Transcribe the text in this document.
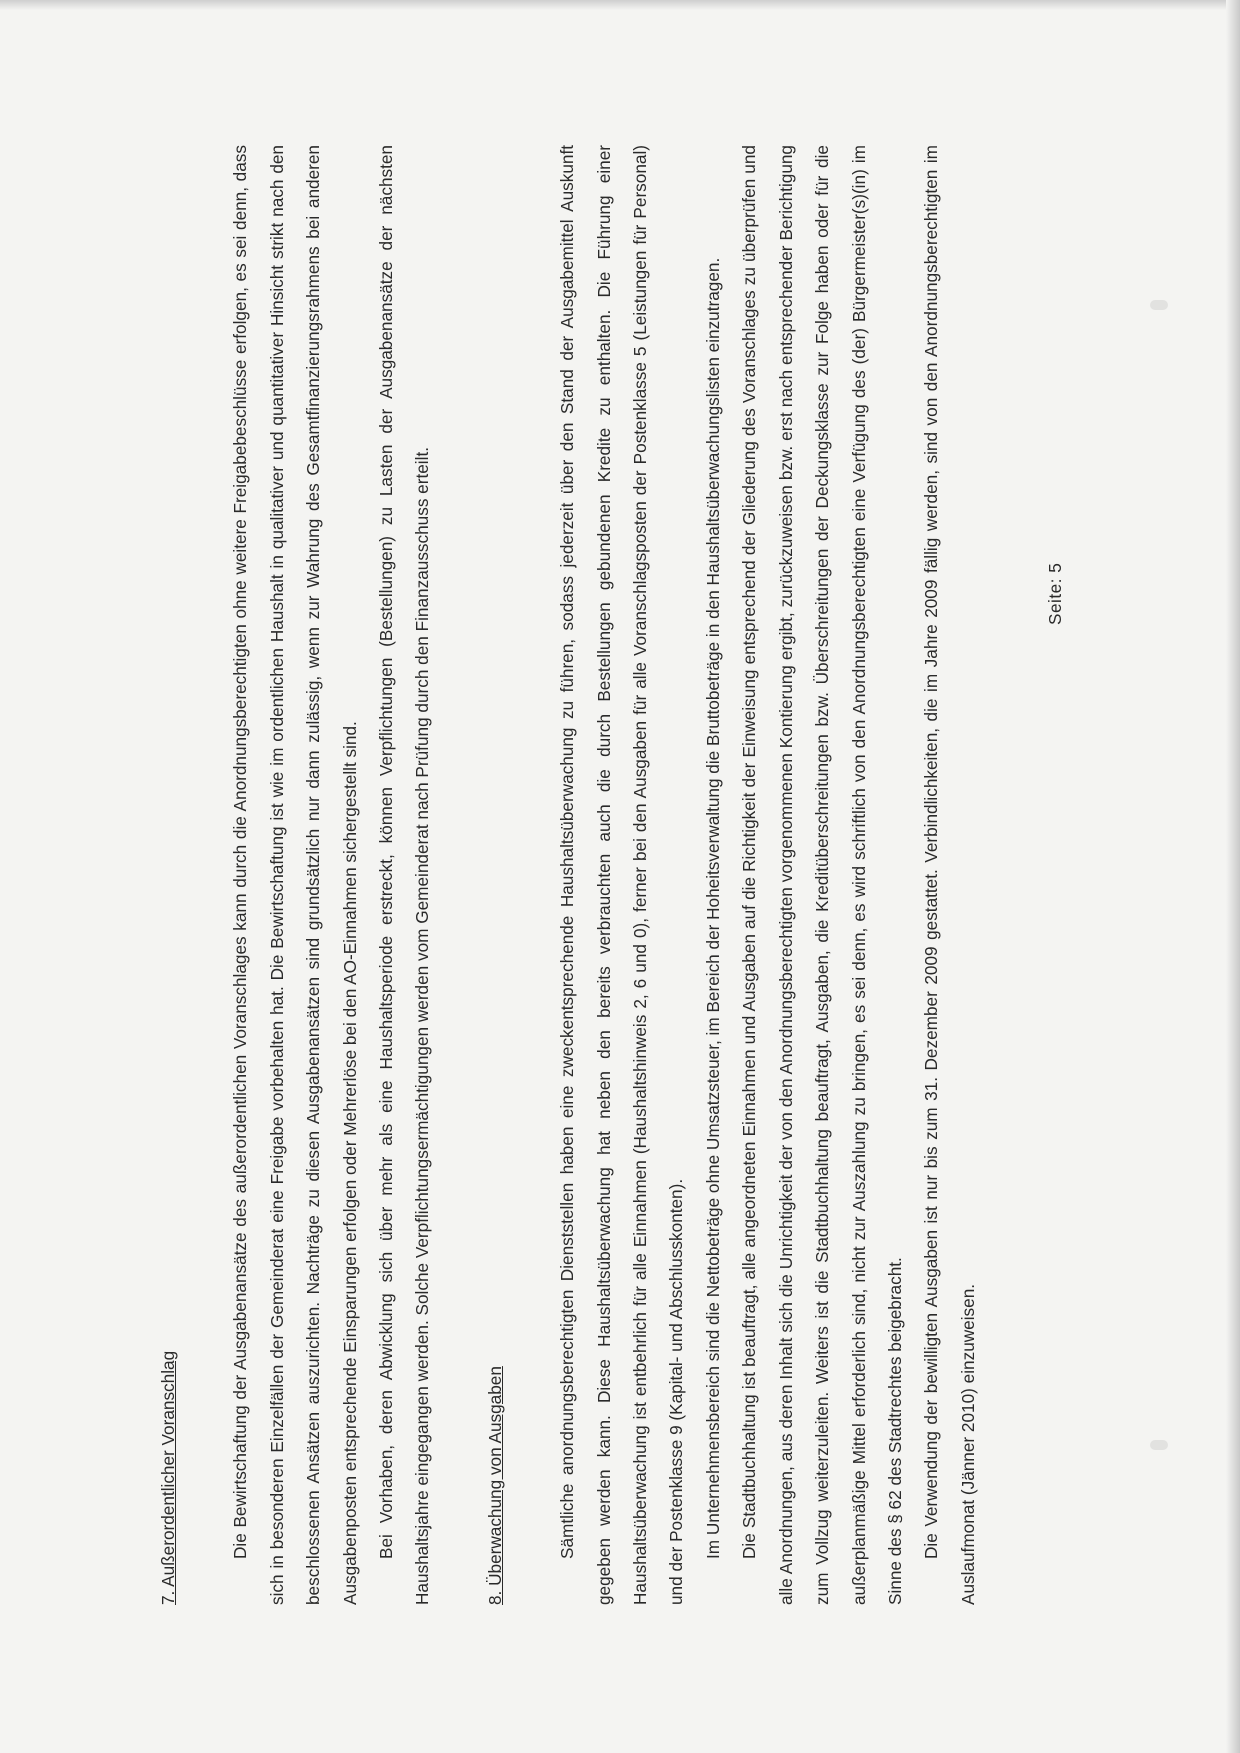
7. Außerordentlicher Voranschlag	Die Bewirtschaftung der Ausgabenansätze des außerordentlichen Voranschlages kann durch die Anordnungsberechtigten ohne weitere Freigabebeschlüsse erfolgen, es sei denn, dass sich in besonderen Einzelfällen der Gemeinderat eine Freigabe vorbehalten hat. Die Bewirtschaftung ist wie im ordentlichen Haushalt in qualitativer und quantitativer Hinsicht strikt nach den beschlossenen Ansätzen auszurichten. Nachträge zu diesen Ausgabenansätzen sind grundsätzlich nur dann zulässig, wenn zur Wahrung des Gesamtfinanzierungsrahmens bei anderen Ausgabenposten entsprechende Einsparungen erfolgen oder Mehrerlöse bei den AO-Einnahmen sichergestellt sind. Bei Vorhaben, deren Abwicklung sich über mehr als eine Haushaltsperiode erstreckt, können Verpflichtungen (Bestellungen) zu Lasten der Ausgabenansätze der nächsten Haushaltsjahre eingegangen werden. Solche Verpflichtungsermächtigungen werden vom Gemeinderat nach Prüfung durch den Finanzausschuss erteilt.	8. Überwachung von Ausgaben	Sämtliche anordnungsberechtigten Dienststellen haben eine zweckentsprechende Haushaltsüberwachung zu führen, sodass jederzeit über den Stand der Ausgabemittel Auskunft gegeben werden kann. Diese Haushaltsüberwachung hat neben den bereits verbrauchten auch die durch Bestellungen gebundenen Kredite zu enthalten. Die Führung einer Haushaltsüberwachung ist entbehrlich für alle Einnahmen (Haushaltshinweis 2, 6 und 0), ferner bei den Ausgaben für alle Voranschlagsposten der Postenklasse 5 (Leistungen für Personal) und der Postenklasse 9 (Kapital- und Abschlusskonten). Im Unternehmensbereich sind die Nettobeträge ohne Umsatzsteuer, im Bereich der Hoheitsverwaltung die Bruttobeträge in den Haushaltsüberwachungslisten einzutragen. Die Stadtbuchhaltung ist beauftragt, alle angeordneten Einnahmen und Ausgaben auf die Richtigkeit der Einweisung entsprechend der Gliederung des Voranschlages zu überprüfen und alle Anordnungen, aus deren Inhalt sich die Unrichtigkeit der von den Anordnungsberechtigten vorgenommenen Kontierung ergibt, zurückzuweisen bzw. erst nach entsprechender Berichtigung zum Vollzug weiterzuleiten. Weiters ist die Stadtbuchhaltung beauftragt, Ausgaben, die Kreditüberschreitungen bzw. Überschreitungen der Deckungsklasse zur Folge haben oder für die außerplanmäßige Mittel erforderlich sind, nicht zur Auszahlung zu bringen, es sei denn, es wird schriftlich von den Anordnungsberechtigten eine Verfügung des (der) Bürgermeister(s)(in) im Sinne des § 62 des Stadtrechtes beigebracht. Die Verwendung der bewilligten Ausgaben ist nur bis zum 31. Dezember 2009 gestattet. Verbindlichkeiten, die im Jahre 2009 fällig werden, sind von den Anordnungsberechtigten im Auslaufmonat (Jänner 2010) einzuweisen.

Seite: 5
